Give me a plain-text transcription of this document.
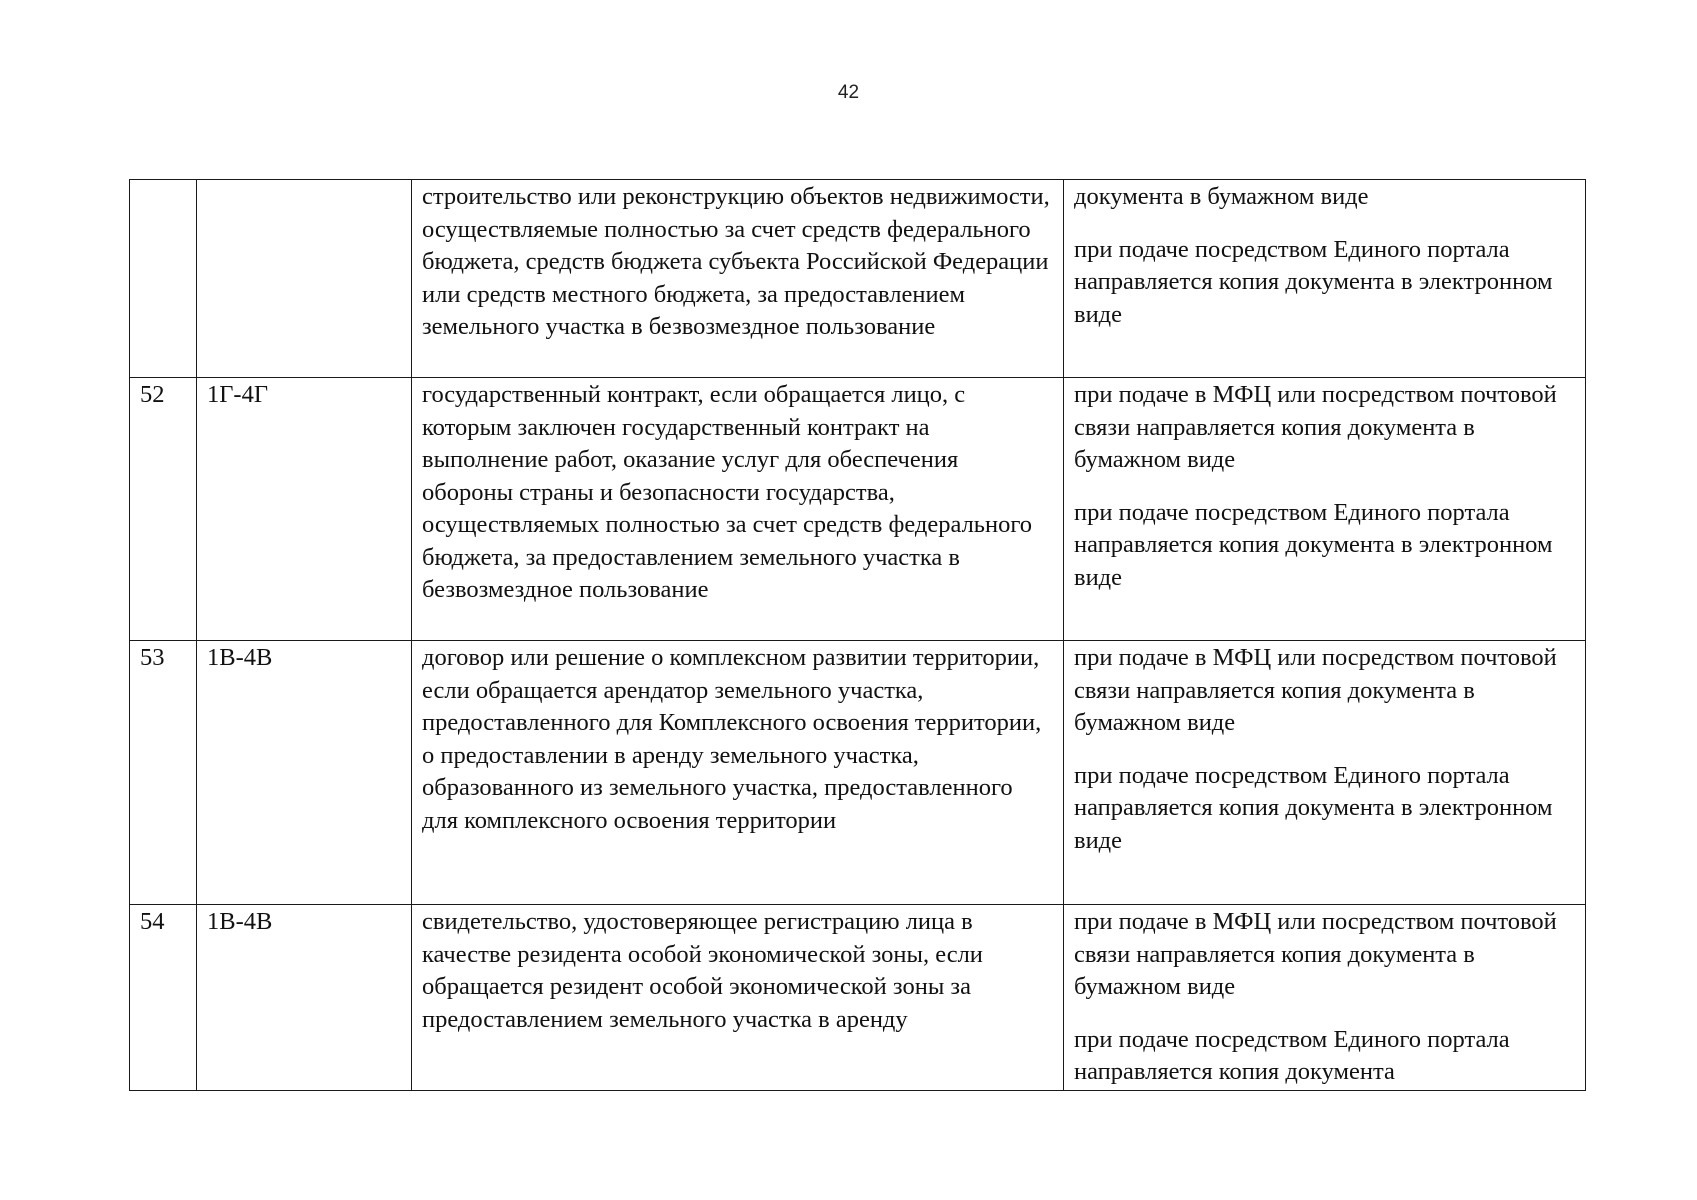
42
		строительство или реконструкцию объектов недвижимости, осуществляемые полностью за счет средств федерального бюджета, средств бюджета субъекта Российской Федерации или средств местного бюджета, за предоставлением земельного участка в безвозмездное пользование	документа в бумажном виде
при подаче посредством Единого портала направляется копия документа в электронном виде

52	1Г-4Г	государственный контракт, если обращается лицо, с которым заключен государственный контракт на выполнение работ, оказание услуг для обеспечения обороны страны и безопасности государства, осуществляемых полностью за счет средств федерального бюджета, за предоставлением земельного участка в безвозмездное пользование	при подаче в МФЦ или посредством почтовой связи направляется копия документа в бумажном виде
при подаче посредством Единого портала направляется копия документа в электронном виде

53	1В-4В	договор или решение о комплексном развитии территории, если обращается арендатор земельного участка, предоставленного для Комплексного освоения территории, о предоставлении в аренду земельного участка, образованного из земельного участка, предоставленного для комплексного освоения территории	при подаче в МФЦ или посредством почтовой связи направляется копия документа в бумажном виде
при подаче посредством Единого портала направляется копия документа в электронном виде

54	1В-4В	свидетельство, удостоверяющее регистрацию лица в качестве резидента особой экономической зоны, если обращается резидент особой экономической зоны за предоставлением земельного участка в аренду	при подаче в МФЦ или посредством почтовой связи направляется копия документа в бумажном виде
при подаче посредством Единого портала направляется копия документа
